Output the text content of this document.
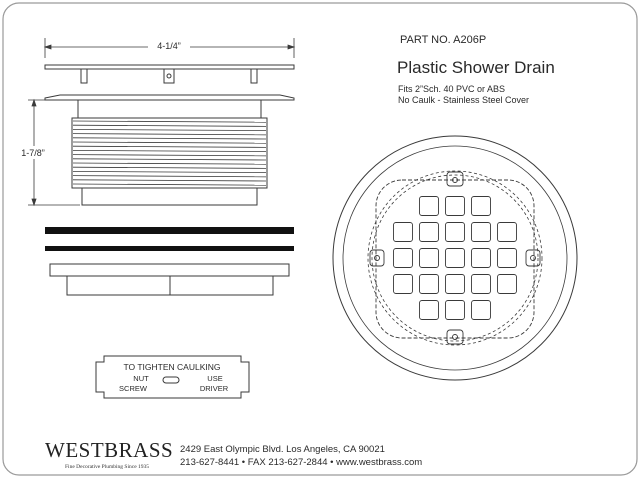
PART NO. A206P
Plastic Shower Drain
Fits 2”Sch. 40 PVC or ABS
No Caulk - Stainless Steel Cover
4-1/4”
1-7/8”
TO TIGHTEN CAULKING
NUT
SCREW
USE
DRIVER
WESTBRASS
Fine Decorative Plumbing Since 1935
2429 East Olympic Blvd. Los Angeles, CA 90021
213-627-8441 • FAX 213-627-2844 • www.westbrass.com
